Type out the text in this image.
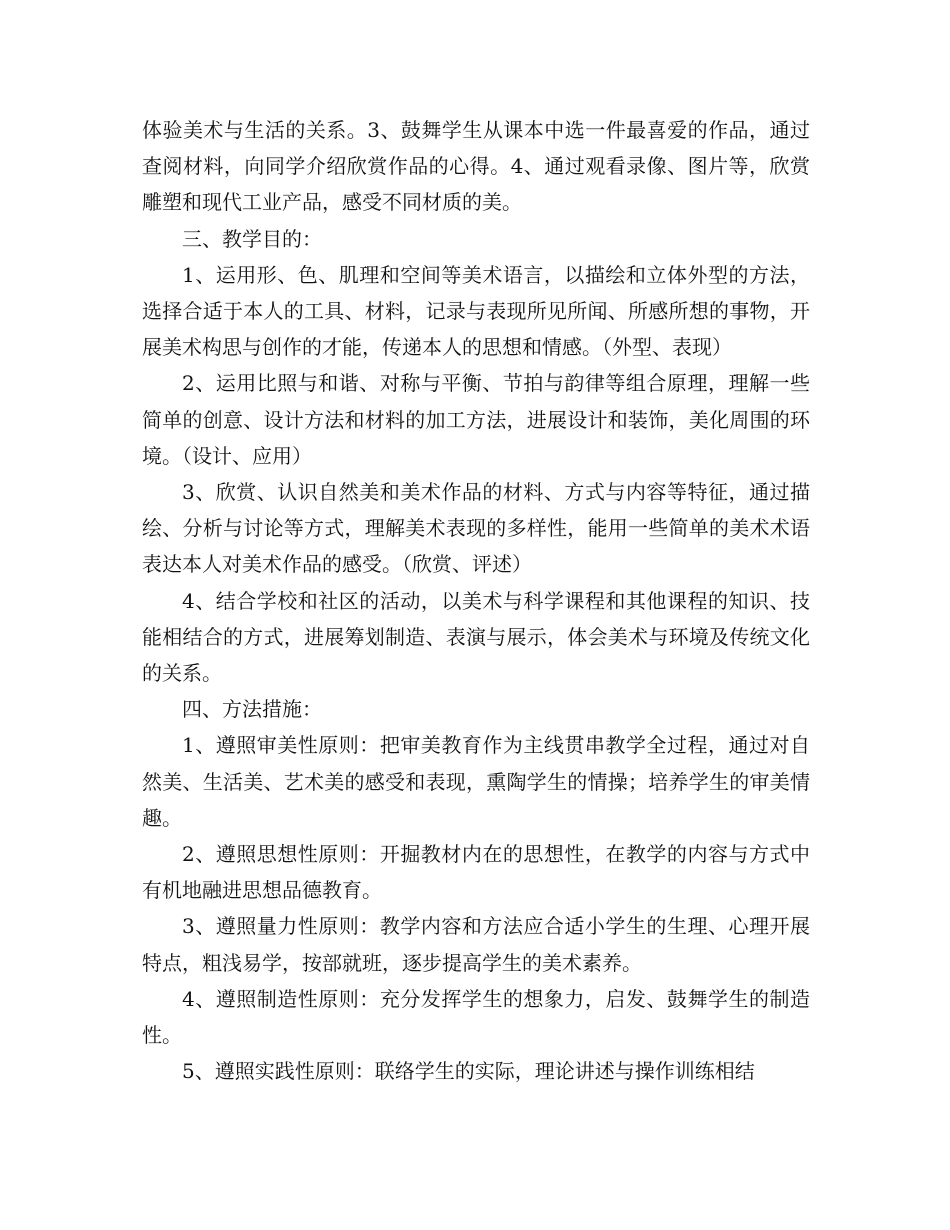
体验美术与生活的关系。3、鼓舞学生从课本中选一件最喜爱的作品，通过查阅材料，向同学介绍欣赏作品的心得。4、通过观看录像、图片等，欣赏雕塑和现代工业产品，感受不同材质的美。

三、教学目的：

1、运用形、色、肌理和空间等美术语言，以描绘和立体外型的方法，选择合适于本人的工具、材料，记录与表现所见所闻、所感所想的事物，开展美术构思与创作的才能，传递本人的思想和情感。（外型、表现）

2、运用比照与和谐、对称与平衡、节拍与韵律等组合原理，理解一些简单的创意、设计方法和材料的加工方法，进展设计和装饰，美化周围的环境。（设计、应用）

3、欣赏、认识自然美和美术作品的材料、方式与内容等特征，通过描绘、分析与讨论等方式，理解美术表现的多样性，能用一些简单的美术术语表达本人对美术作品的感受。（欣赏、评述）

4、结合学校和社区的活动，以美术与科学课程和其他课程的知识、技能相结合的方式，进展筹划制造、表演与展示，体会美术与环境及传统文化的关系。

四、方法措施：

1、遵照审美性原则：把审美教育作为主线贯串教学全过程，通过对自然美、生活美、艺术美的感受和表现，熏陶学生的情操；培养学生的审美情趣。

2、遵照思想性原则：开掘教材内在的思想性，在教学的内容与方式中有机地融进思想品德教育。

3、遵照量力性原则：教学内容和方法应合适小学生的生理、心理开展特点，粗浅易学，按部就班，逐步提高学生的美术素养。

4、遵照制造性原则：充分发挥学生的想象力，启发、鼓舞学生的制造性。

5、遵照实践性原则：联络学生的实际，理论讲述与操作训练相结
